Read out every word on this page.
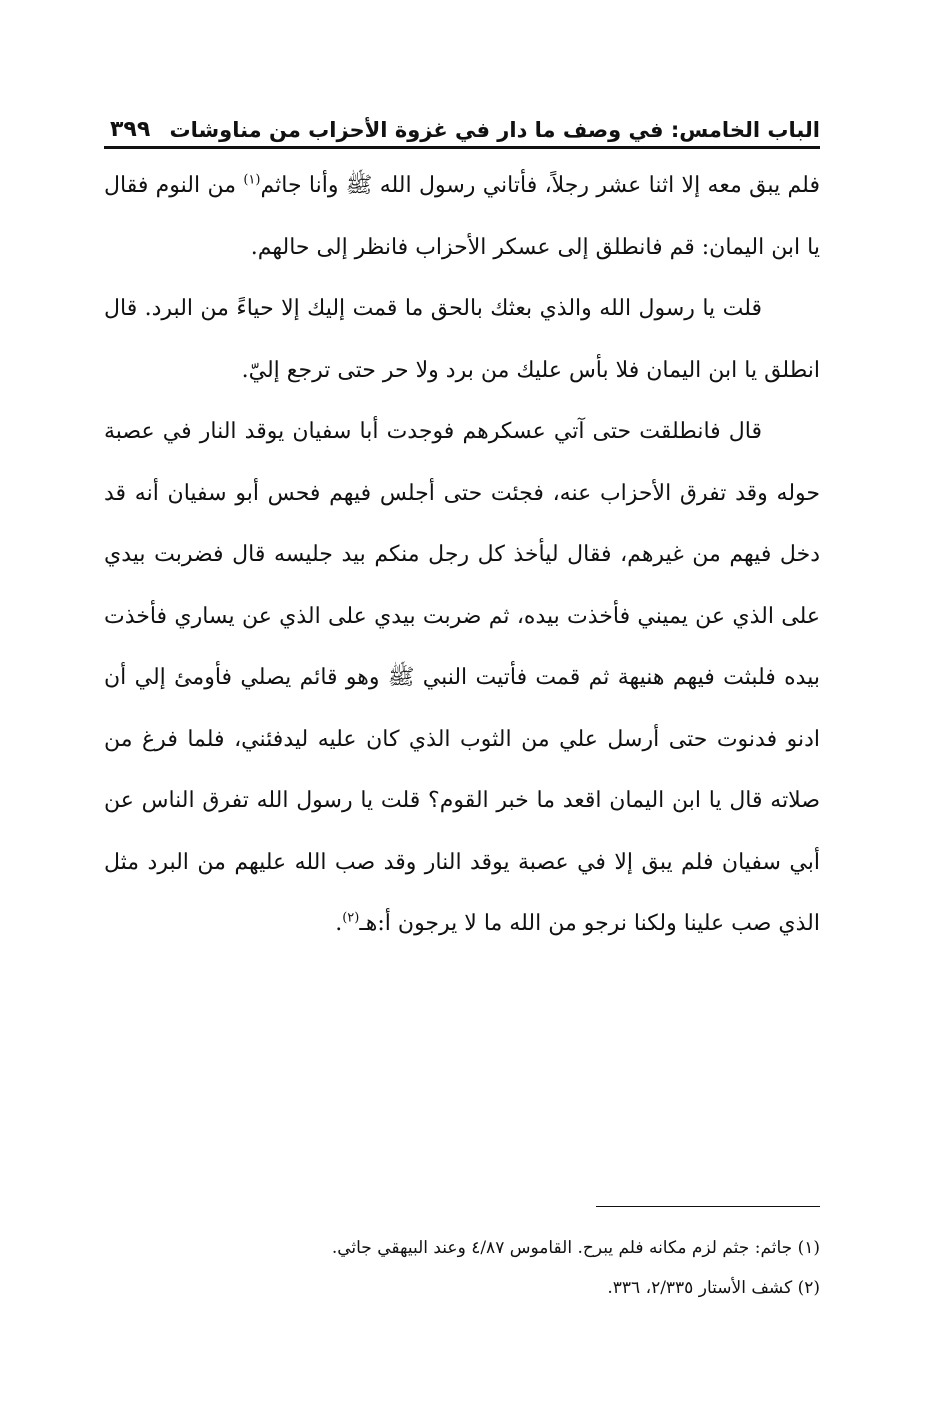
الباب الخامس: في وصف ما دار في غزوة الأحزاب من مناوشات
٣٩٩

فلم يبق معه إلا اثنا عشر رجلاً، فأتاني رسول الله ﷺ وأنا جاثم$^{(١)}$ من النوم فقال يا ابن اليمان: قم فانطلق إلى عسكر الأحزاب فانظر إلى حالهم.

قلت يا رسول الله والذي بعثك بالحق ما قمت إليك إلا حياءً من البرد. قال انطلق يا ابن اليمان فلا بأس عليك من برد ولا حر حتى ترجع إليّ.

قال فانطلقت حتى آتي عسكرهم فوجدت أبا سفيان يوقد النار في عصبة حوله وقد تفرق الأحزاب عنه، فجئت حتى أجلس فيهم فحس أبو سفيان أنه قد دخل فيهم من غيرهم، فقال ليأخذ كل رجل منكم بيد جليسه قال فضربت بيدي على الذي عن يميني فأخذت بيده، ثم ضربت بيدي على الذي عن يساري فأخذت بيده فلبثت فيهم هنيهة ثم قمت فأتيت النبي ﷺ وهو قائم يصلي فأومئ إلي أن ادنو فدنوت حتى أرسل علي من الثوب الذي كان عليه ليدفئني، فلما فرغ من صلاته قال يا ابن اليمان اقعد ما خبر القوم؟ قلت يا رسول الله تفرق الناس عن أبي سفيان فلم يبق إلا في عصبة يوقد النار وقد صب الله عليهم من البرد مثل الذي صب علينا ولكنا نرجو من الله ما لا يرجون أ:هـ$^{(٢)}$.

(١) جاثم: جثم لزم مكانه فلم يبرح. القاموس ٤/٨٧ وعند البيهقي جاثي.
(٢) كشف الأستار ٢/٣٣٥، ٣٣٦.
